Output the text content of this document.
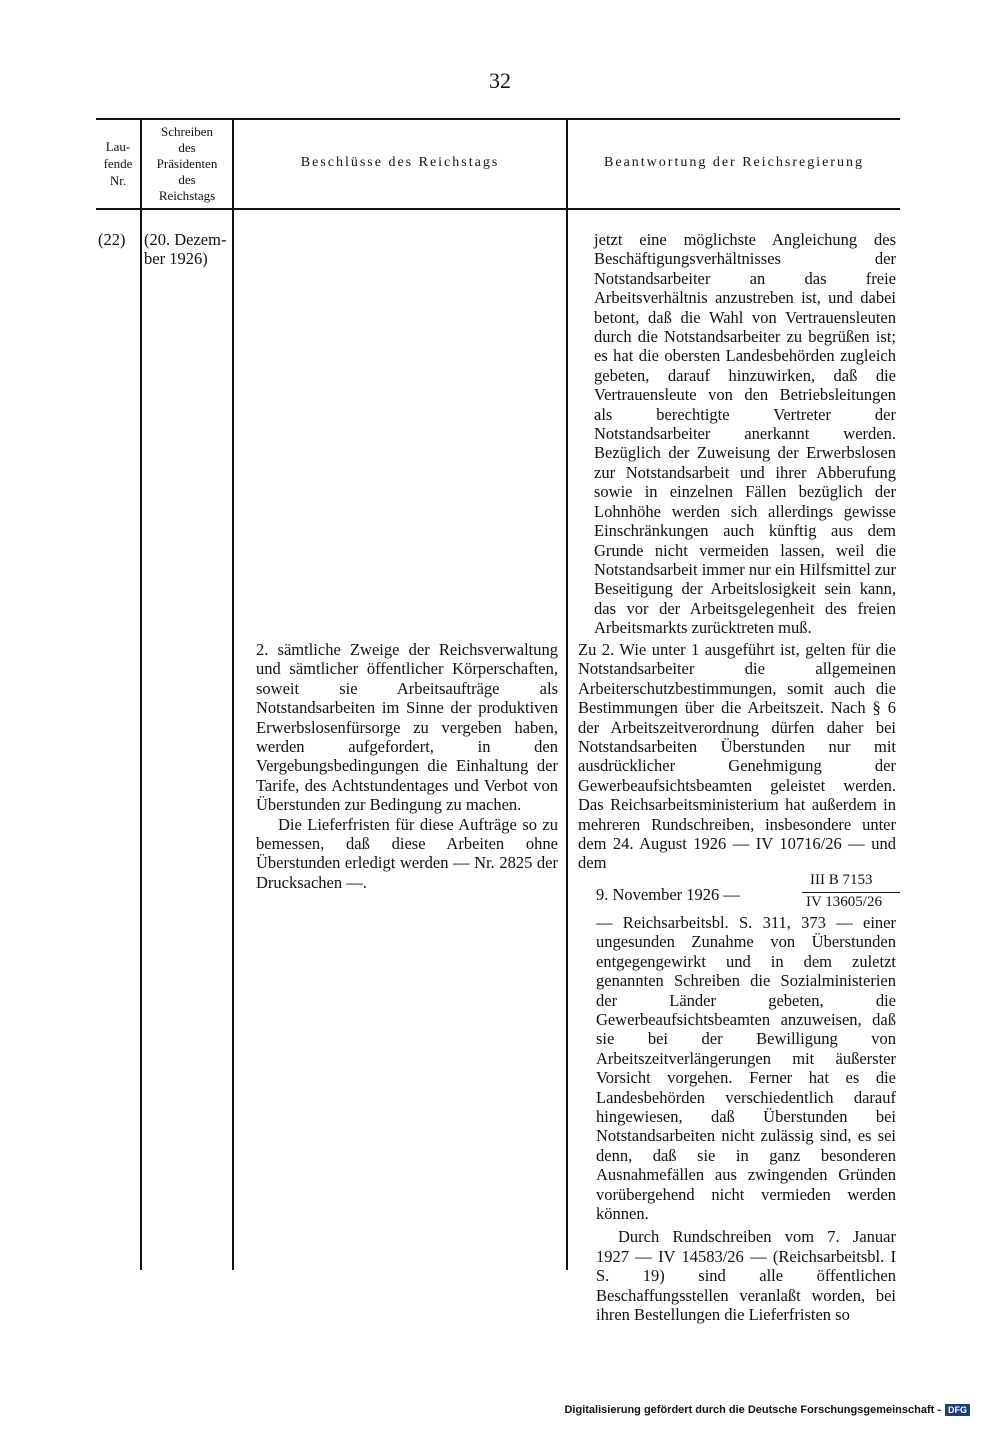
32
Lau-
fende
Nr.
Schreiben
des
Präsidenten
des
Reichstags
Beschlüsse des Reichstags	Beantwortung der Reichsregierung
(22)	(20. Dezem-
ber 1926)

2. sämtliche Zweige der Reichsverwaltung und sämtlicher öffentlicher Körperschaften, soweit sie Arbeitsaufträge als Notstandsarbeiten im Sinne der produktiven Erwerbslosenfürsorge zu vergeben haben, werden aufgefordert, in den Vergebungsbedingungen die Einhaltung der Tarife, des Achtstundentages und Verbot von Überstunden zur Bedingung zu machen.

Die Lieferfristen für diese Aufträge so zu bemessen, daß diese Arbeiten ohne Überstunden erledigt werden — Nr. 2825 der Drucksachen —.

jetzt eine möglichste Angleichung des Beschäftigungsverhältnisses der Notstandsarbeiter an das freie Arbeitsverhältnis anzustreben ist, und dabei betont, daß die Wahl von Vertrauensleuten durch die Notstandsarbeiter zu begrüßen ist; es hat die obersten Landesbehörden zugleich gebeten, darauf hinzuwirken, daß die Vertrauensleute von den Betriebsleitungen als berechtigte Vertreter der Notstandsarbeiter anerkannt werden. Bezüglich der Zuweisung der Erwerbslosen zur Notstandsarbeit und ihrer Abberufung sowie in einzelnen Fällen bezüglich der Lohnhöhe werden sich allerdings gewisse Einschränkungen auch künftig aus dem Grunde nicht vermeiden lassen, weil die Notstandsarbeit immer nur ein Hilfsmittel zur Beseitigung der Arbeitslosigkeit sein kann, das vor der Arbeitsgelegenheit des freien Arbeitsmarkts zurücktreten muß.

Zu 2. Wie unter 1 ausgeführt ist, gelten für die Notstandsarbeiter die allgemeinen Arbeiterschutzbestimmungen, somit auch die Bestimmungen über die Arbeitszeit. Nach § 6 der Arbeitszeitverordnung dürfen daher bei Notstandsarbeiten Überstunden nur mit ausdrücklicher Genehmigung der Gewerbeaufsichtsbeamten geleistet werden. Das Reichsarbeitsministerium hat außerdem in mehreren Rundschreiben, insbesondere unter dem 24. August 1926 — IV 10716/26 — und dem

9. November 1926 —
III B 7153
IV 13605/26

— Reichsarbeitsbl. S. 311, 373 — einer ungesunden Zunahme von Überstunden entgegengewirkt und in dem zuletzt genannten Schreiben die Sozialministerien der Länder gebeten, die Gewerbeaufsichtsbeamten anzuweisen, daß sie bei der Bewilligung von Arbeitszeitverlängerungen mit äußerster Vorsicht vorgehen. Ferner hat es die Landesbehörden verschiedentlich darauf hingewiesen, daß Überstunden bei Notstandsarbeiten nicht zulässig sind, es sei denn, daß sie in ganz besonderen Ausnahmefällen aus zwingenden Gründen vorübergehend nicht vermieden werden können.

Durch Rundschreiben vom 7. Januar 1927 — IV 14583/26 — (Reichsarbeitsbl. I S. 19) sind alle öffentlichen Beschaffungsstellen veranlaßt worden, bei ihren Bestellungen die Lieferfristen so

Digitalisierung gefördert durch die Deutsche Forschungsgemeinschaft - DFG
